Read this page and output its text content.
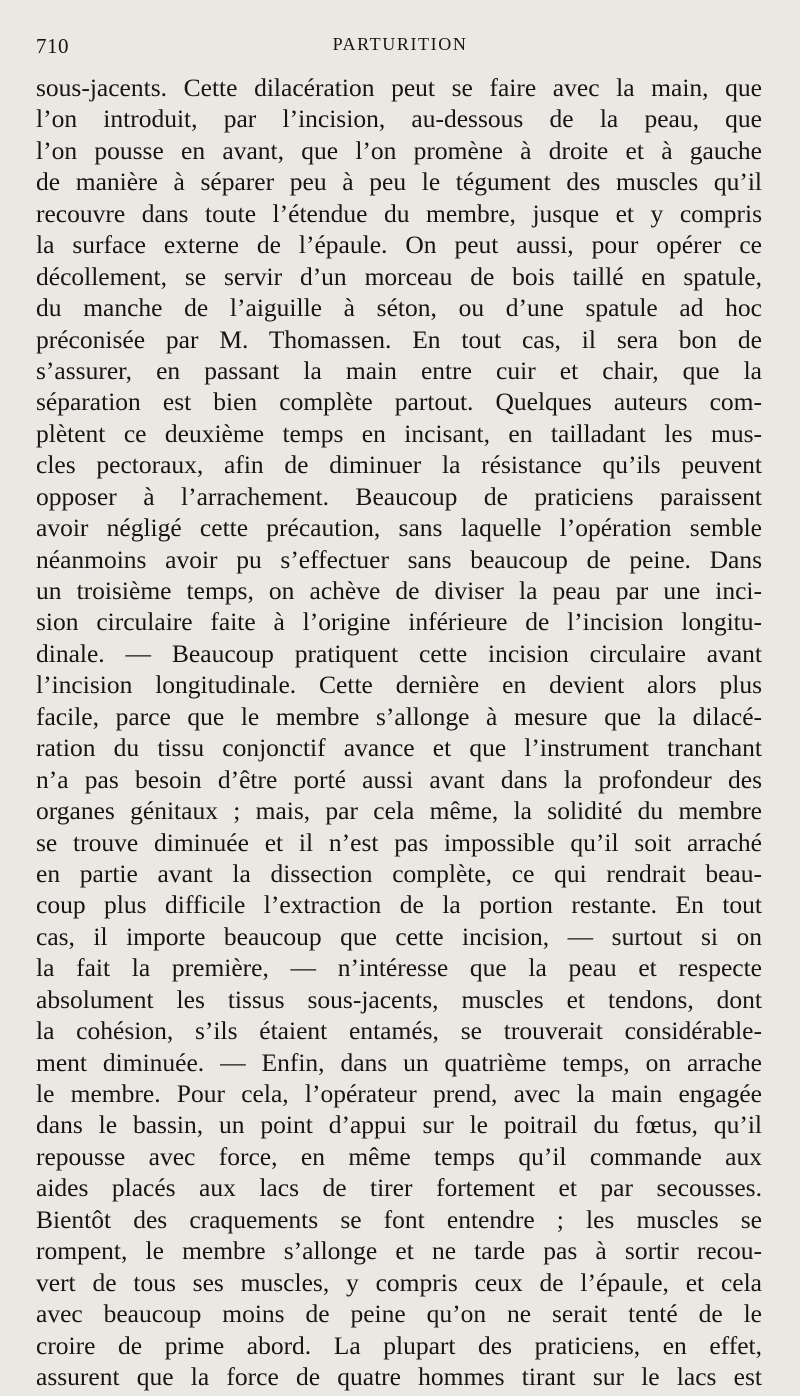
710	PARTURITION
sous-jacents. Cette dilacération peut se faire avec la main, que
l’on introduit, par l’incision, au-dessous de la peau, que
l’on pousse en avant, que l’on promène à droite et à gauche
de manière à séparer peu à peu le tégument des muscles qu’il
recouvre dans toute l’étendue du membre, jusque et y compris
la surface externe de l’épaule. On peut aussi, pour opérer ce
décollement, se servir d’un morceau de bois taillé en spatule,
du manche de l’aiguille à séton, ou d’une spatule ad hoc
préconisée par M. Thomassen. En tout cas, il sera bon de
s’assurer, en passant la main entre cuir et chair, que la
séparation est bien complète partout. Quelques auteurs com-
plètent ce deuxième temps en incisant, en tailladant les mus-
cles pectoraux, afin de diminuer la résistance qu’ils peuvent
opposer à l’arrachement. Beaucoup de praticiens paraissent
avoir négligé cette précaution, sans laquelle l’opération semble
néanmoins avoir pu s’effectuer sans beaucoup de peine. Dans
un troisième temps, on achève de diviser la peau par une inci-
sion circulaire faite à l’origine inférieure de l’incision longitu-
dinale. — Beaucoup pratiquent cette incision circulaire avant
l’incision longitudinale. Cette dernière en devient alors plus
facile, parce que le membre s’allonge à mesure que la dilacé-
ration du tissu conjonctif avance et que l’instrument tranchant
n’a pas besoin d’être porté aussi avant dans la profondeur des
organes génitaux ; mais, par cela même, la solidité du membre
se trouve diminuée et il n’est pas impossible qu’il soit arraché
en partie avant la dissection complète, ce qui rendrait beau-
coup plus difficile l’extraction de la portion restante. En tout
cas, il importe beaucoup que cette incision, — surtout si on
la fait la première, — n’intéresse que la peau et respecte
absolument les tissus sous-jacents, muscles et tendons, dont
la cohésion, s’ils étaient entamés, se trouverait considérable-
ment diminuée. — Enfin, dans un quatrième temps, on arrache
le membre. Pour cela, l’opérateur prend, avec la main engagée
dans le bassin, un point d’appui sur le poitrail du fœtus, qu’il
repousse avec force, en même temps qu’il commande aux
aides placés aux lacs de tirer fortement et par secousses.
Bientôt des craquements se font entendre ; les muscles se
rompent, le membre s’allonge et ne tarde pas à sortir recou-
vert de tous ses muscles, y compris ceux de l’épaule, et cela
avec beaucoup moins de peine qu’on ne serait tenté de le
croire de prime abord. La plupart des praticiens, en effet,
assurent que la force de quatre hommes tirant sur le lacs est
